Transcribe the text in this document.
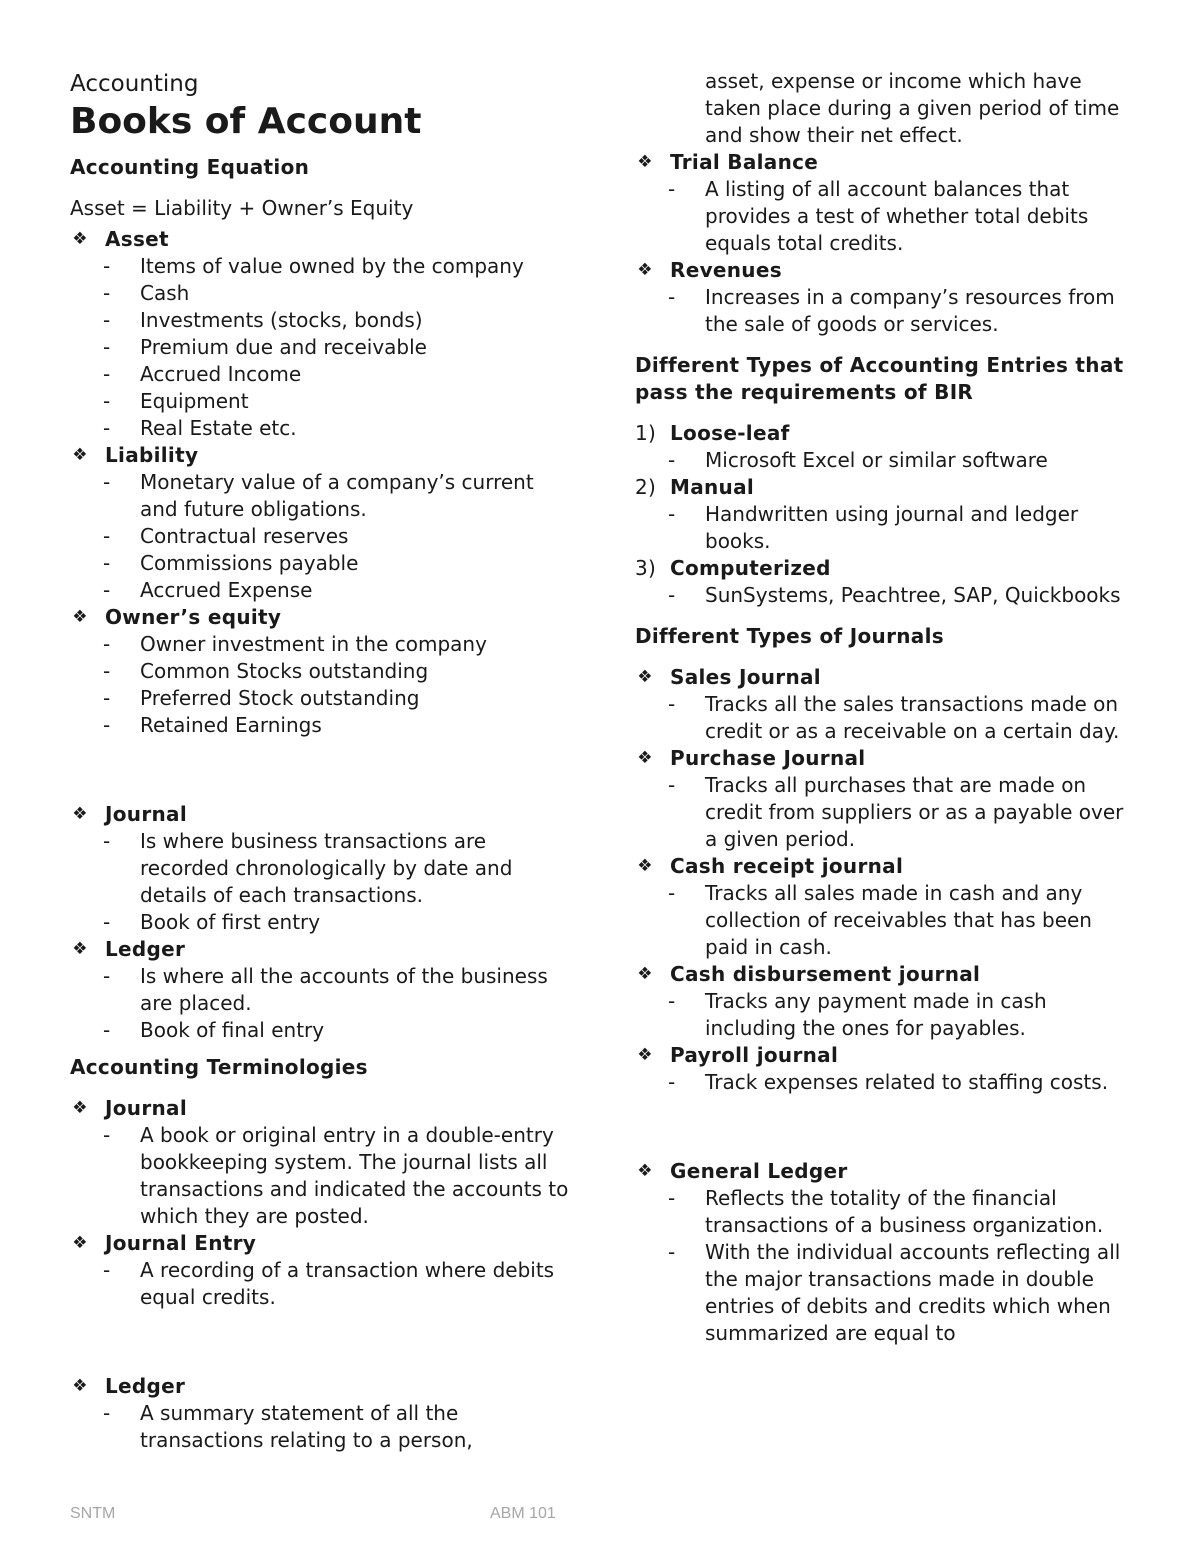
Accounting

Books of Account
Accounting Equation

Asset = Liability + Owner’s Equity

❖ Asset
- Items of value owned by the company
- Cash
- Investments (stocks, bonds)
- Premium due and receivable
- Accrued Income
- Equipment
- Real Estate etc.
❖ Liability
- Monetary value of a company’s current and future obligations.
- Contractual reserves
- Commissions payable
- Accrued Expense
❖ Owner’s equity
- Owner investment in the company
- Common Stocks outstanding
- Preferred Stock outstanding
- Retained Earnings
❖ Journal
- Is where business transactions are recorded chronologically by date and details of each transactions.
- Book of first entry
❖ Ledger
- Is where all the accounts of the business are placed.
- Book of final entry
Accounting Terminologies
❖ Journal
- A book or original entry in a double-entry bookkeeping system. The journal lists all transactions and indicated the accounts to which they are posted.
❖ Journal Entry
- A recording of a transaction where debits equal credits.
❖ Ledger
- A summary statement of all the transactions relating to a person,
asset, expense or income which have taken place during a given period of time and show their net effect.
❖ Trial Balance
- A listing of all account balances that provides a test of whether total debits equals total credits.
❖ Revenues
- Increases in a company’s resources from the sale of goods or services.
Different Types of Accounting Entries that pass the requirements of BIR
1) Loose-leaf
- Microsoft Excel or similar software
2) Manual
- Handwritten using journal and ledger books.
3) Computerized
- SunSystems, Peachtree, SAP, Quickbooks
Different Types of Journals
❖ Sales Journal
- Tracks all the sales transactions made on credit or as a receivable on a certain day.
❖ Purchase Journal
- Tracks all purchases that are made on credit from suppliers or as a payable over a given period.
❖ Cash receipt journal
- Tracks all sales made in cash and any collection of receivables that has been paid in cash.
❖ Cash disbursement journal
- Tracks any payment made in cash including the ones for payables.
❖ Payroll journal
- Track expenses related to staffing costs.
❖ General Ledger
- Reflects the totality of the financial transactions of a business organization.
- With the individual accounts reflecting all the major transactions made in double entries of debits and credits which when summarized are equal to
SNTM	ABM 101
